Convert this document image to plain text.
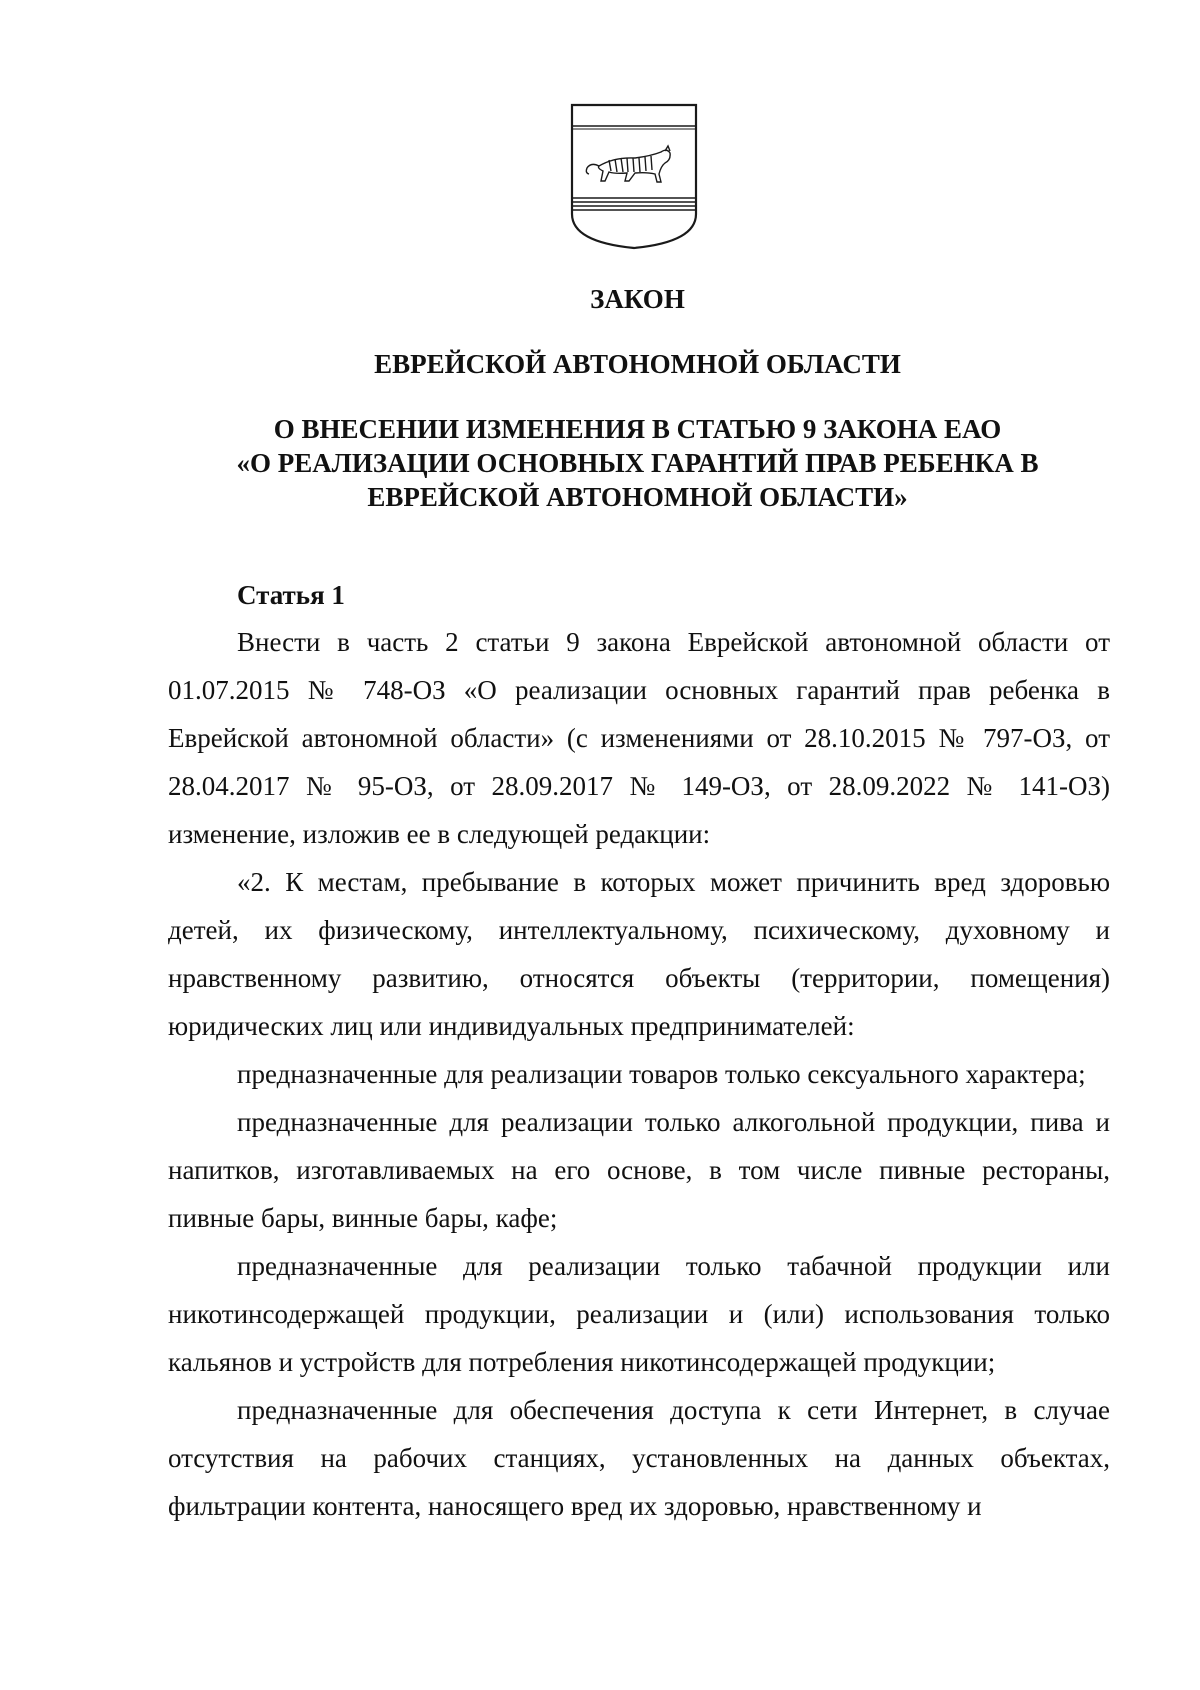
ЗАКОН
ЕВРЕЙСКОЙ АВТОНОМНОЙ ОБЛАСТИ
О ВНЕСЕНИИ ИЗМЕНЕНИЯ В СТАТЬЮ 9 ЗАКОНА ЕАО
«О РЕАЛИЗАЦИИ ОСНОВНЫХ ГАРАНТИЙ ПРАВ РЕБЕНКА В
ЕВРЕЙСКОЙ АВТОНОМНОЙ ОБЛАСТИ»
Статья 1

Внести в часть 2 статьи 9 закона Еврейской автономной области от 01.07.2015 № 748-ОЗ «О реализации основных гарантий прав ребенка в Еврейской автономной области» (с изменениями от 28.10.2015 № 797-ОЗ, от 28.04.2017 № 95-ОЗ, от 28.09.2017 № 149-ОЗ, от 28.09.2022 № 141-ОЗ) изменение, изложив ее в следующей редакции:

«2. К местам, пребывание в которых может причинить вред здоровью детей, их физическому, интеллектуальному, психическому, духовному и нравственному развитию, относятся объекты (территории, помещения) юридических лиц или индивидуальных предпринимателей:

предназначенные для реализации товаров только сексуального характера;

предназначенные для реализации только алкогольной продукции, пива и напитков, изготавливаемых на его основе, в том числе пивные рестораны, пивные бары, винные бары, кафе;

предназначенные для реализации только табачной продукции или никотинсодержащей продукции, реализации и (или) использования только кальянов и устройств для потребления никотинсодержащей продукции;

предназначенные для обеспечения доступа к сети Интернет, в случае отсутствия на рабочих станциях, установленных на данных объектах, фильтрации контента, наносящего вред их здоровью, нравственному и
